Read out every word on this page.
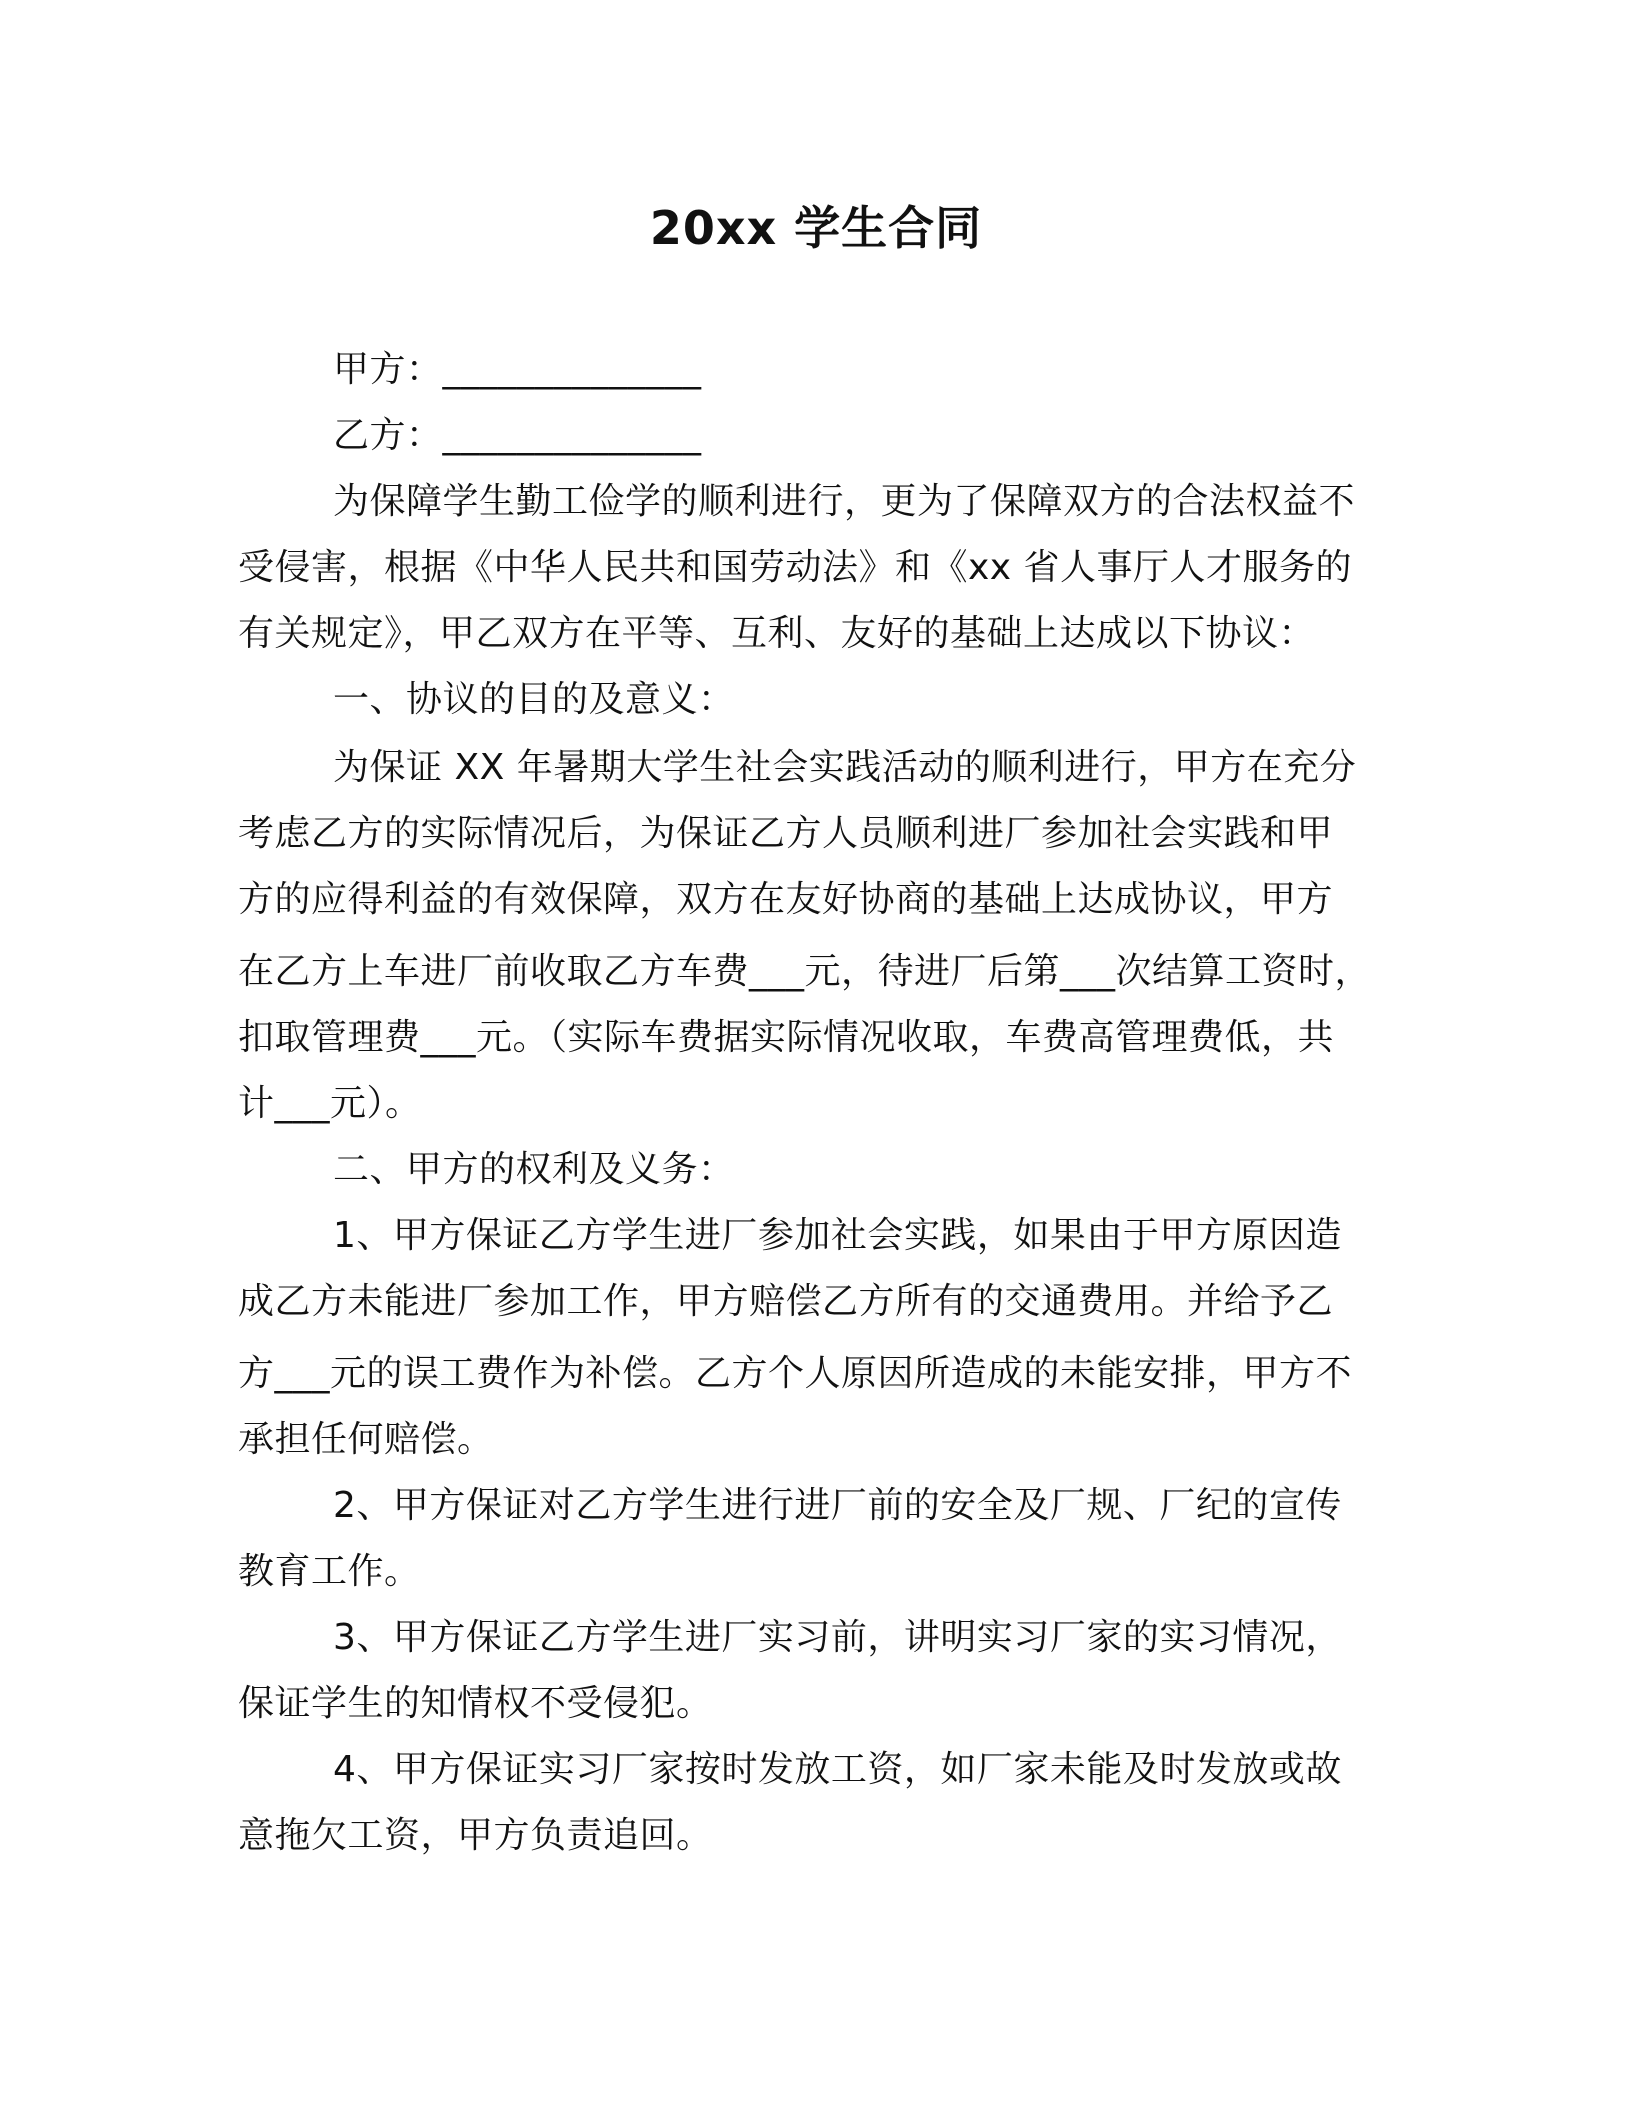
20xx 学生合同
甲方：______________
乙方：______________
为保障学生勤工俭学的顺利进行，更为了保障双方的合法权益不
受侵害，根据《中华人民共和国劳动法》和《xx 省人事厅人才服务的
有关规定》，甲乙双方在平等、互利、友好的基础上达成以下协议：
一、协议的目的及意义：
为保证 XX 年暑期大学生社会实践活动的顺利进行，甲方在充分
考虑乙方的实际情况后，为保证乙方人员顺利进厂参加社会实践和甲
方的应得利益的有效保障，双方在友好协商的基础上达成协议，甲方
在乙方上车进厂前收取乙方车费___元，待进厂后第___次结算工资时，
扣取管理费___元。（实际车费据实际情况收取，车费高管理费低，共
计___元）。
二、甲方的权利及义务：
1、甲方保证乙方学生进厂参加社会实践，如果由于甲方原因造
成乙方未能进厂参加工作，甲方赔偿乙方所有的交通费用。并给予乙
方___元的误工费作为补偿。乙方个人原因所造成的未能安排，甲方不
承担任何赔偿。
2、甲方保证对乙方学生进行进厂前的安全及厂规、厂纪的宣传
教育工作。
3、甲方保证乙方学生进厂实习前，讲明实习厂家的实习情况，
保证学生的知情权不受侵犯。
4、甲方保证实习厂家按时发放工资，如厂家未能及时发放或故
意拖欠工资，甲方负责追回。
